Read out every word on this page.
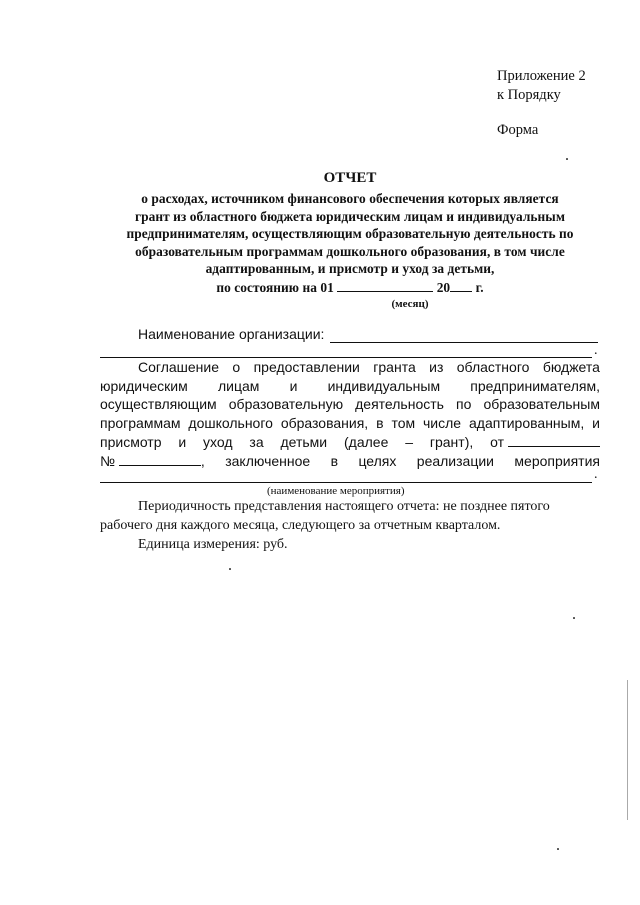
Приложение 2
к Порядку
Форма
ОТЧЕТ
о расходах, источником финансового обеспечения которых является
грант из областного бюджета юридическим лицам и индивидуальным
предпринимателям, осуществляющим образовательную деятельность по
образовательным программам дошкольного образования, в том числе
адаптированным, и присмотр и уход за детьми,
по состоянию на 01	20 г.
(месяц)
Наименование организации:
.
Соглашение о предоставлении гранта из областного бюджета
юридическим лицам и индивидуальным предпринимателям,
осуществляющим образовательную деятельность по образовательным
программам дошкольного образования, в том числе адаптированным, и
присмотр и уход за детьми (далее – грант), от
№	, заключенное в целях реализации мероприятия
.
(наименование мероприятия)
Периодичность представления настоящего отчета: не позднее пятого
рабочего дня каждого месяца, следующего за отчетным кварталом.
Единица измерения: руб.
